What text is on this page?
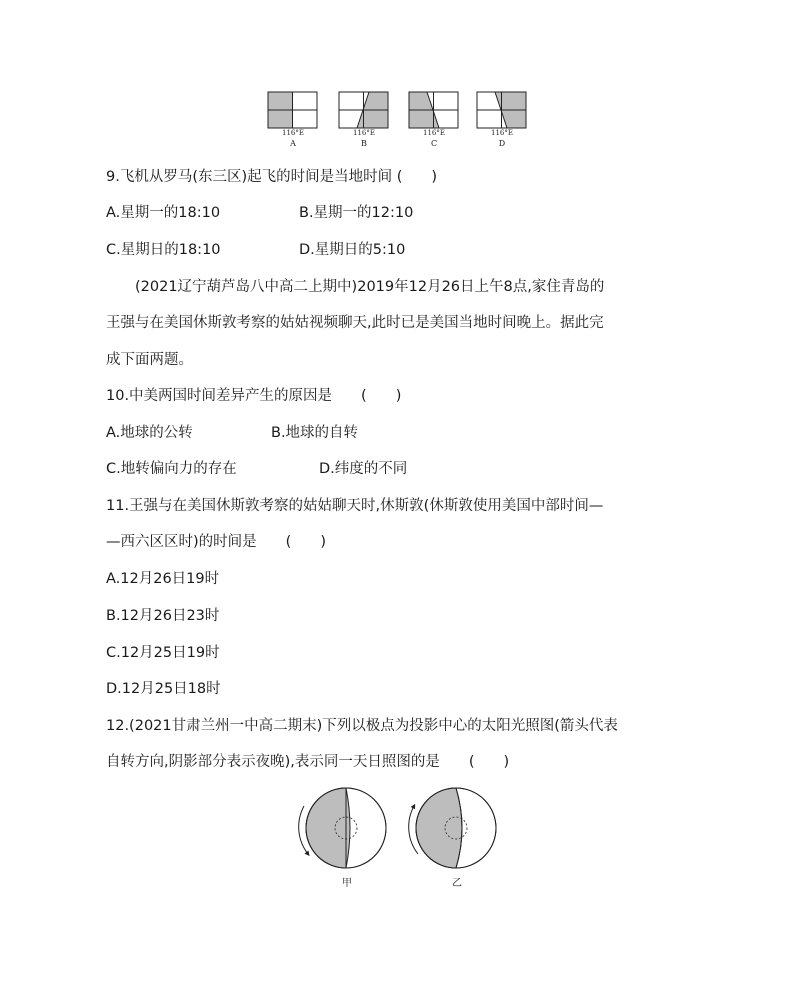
116°E	116°E	116°E	116°E
A	B	C	D
9.飞机从罗马(东三区)起飞的时间是当地时间 (　　)
A.星期一的18:10	B.星期一的12:10
C.星期日的18:10	D.星期日的5:10
(2021辽宁葫芦岛八中高二上期中)2019年12月26日上午8点,家住青岛的
王强与在美国休斯敦考察的姑姑视频聊天,此时已是美国当地时间晚上。据此完
成下面两题。
10.中美两国时间差异产生的原因是　　(　　)
A.地球的公转	B.地球的自转
C.地转偏向力的存在	D.纬度的不同
11.王强与在美国休斯敦考察的姑姑聊天时,休斯敦(休斯敦使用美国中部时间—
—西六区区时)的时间是　　(　　)
A.12月26日19时
B.12月26日23时
C.12月25日19时
D.12月25日18时
12.(2021甘肃兰州一中高二期末)下列以极点为投影中心的太阳光照图(箭头代表
自转方向,阴影部分表示夜晚),表示同一天日照图的是　　(　　)
甲	乙
